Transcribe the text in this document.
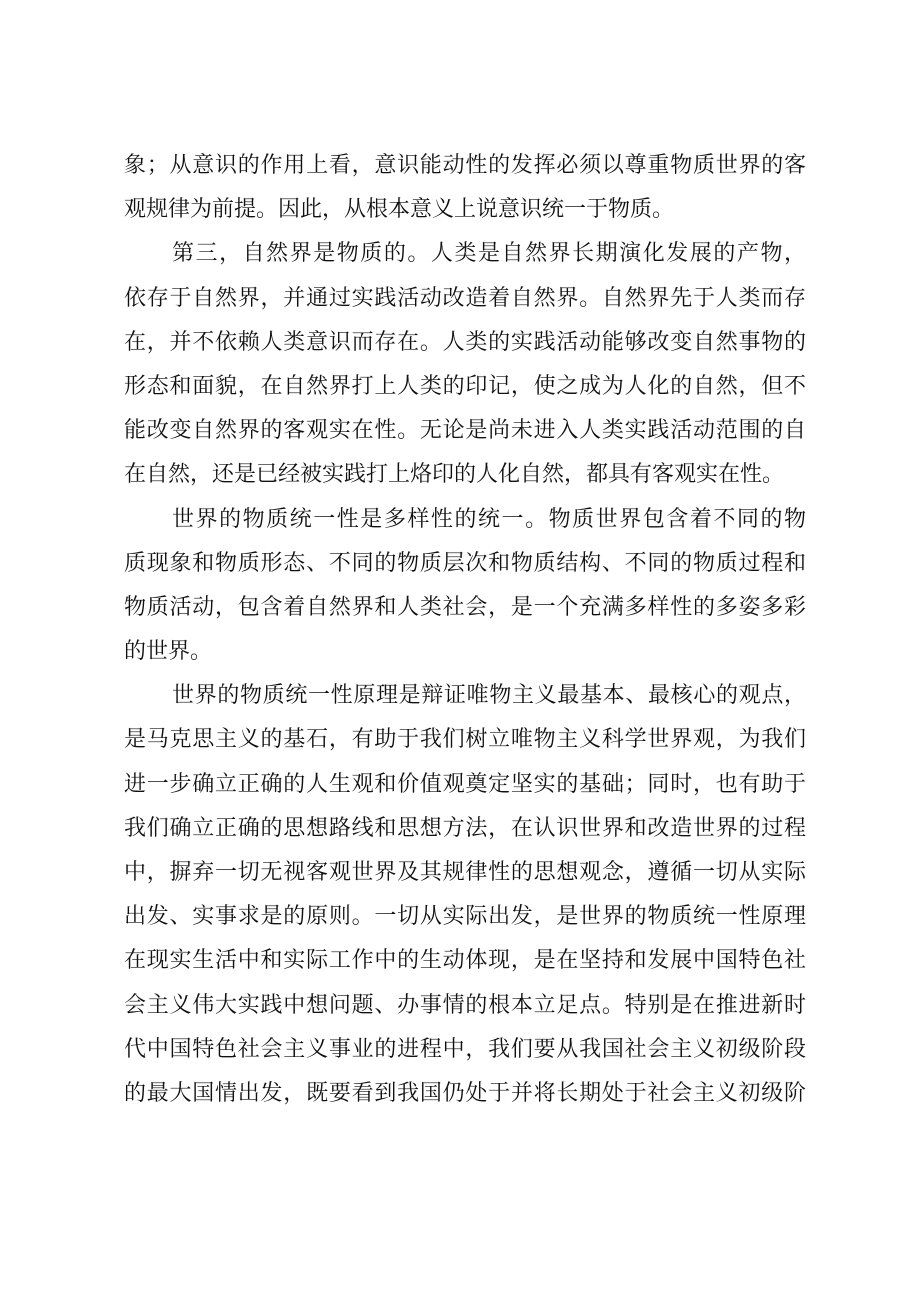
象；从意识的作用上看，意识能动性的发挥必须以尊重物质世界的客
观规律为前提。因此，从根本意义上说意识统一于物质。
第三，自然界是物质的。人类是自然界长期演化发展的产物，
依存于自然界，并通过实践活动改造着自然界。自然界先于人类而存
在，并不依赖人类意识而存在。人类的实践活动能够改变自然事物的
形态和面貌，在自然界打上人类的印记，使之成为人化的自然，但不
能改变自然界的客观实在性。无论是尚未进入人类实践活动范围的自
在自然，还是已经被实践打上烙印的人化自然，都具有客观实在性。
世界的物质统一性是多样性的统一。物质世界包含着不同的物
质现象和物质形态、不同的物质层次和物质结构、不同的物质过程和
物质活动，包含着自然界和人类社会，是一个充满多样性的多姿多彩
的世界。
世界的物质统一性原理是辩证唯物主义最基本、最核心的观点，
是马克思主义的基石，有助于我们树立唯物主义科学世界观，为我们
进一步确立正确的人生观和价值观奠定坚实的基础；同时，也有助于
我们确立正确的思想路线和思想方法，在认识世界和改造世界的过程
中，摒弃一切无视客观世界及其规律性的思想观念，遵循一切从实际
出发、实事求是的原则。一切从实际出发，是世界的物质统一性原理
在现实生活中和实际工作中的生动体现，是在坚持和发展中国特色社
会主义伟大实践中想问题、办事情的根本立足点。特别是在推进新时
代中国特色社会主义事业的进程中，我们要从我国社会主义初级阶段
的最大国情出发，既要看到我国仍处于并将长期处于社会主义初级阶
